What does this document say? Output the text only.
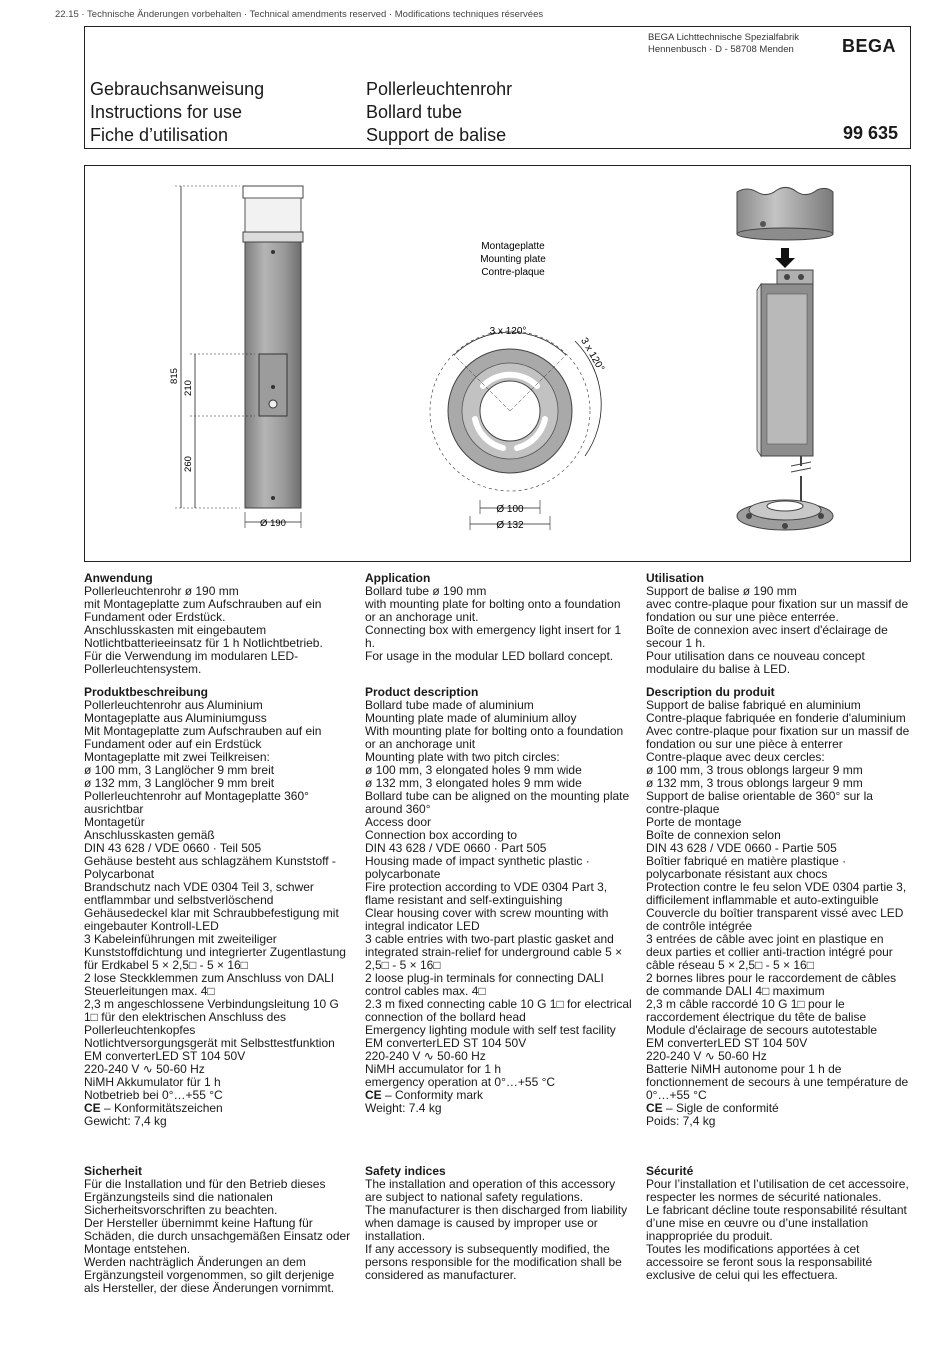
22.15 · Technische Änderungen vorbehalten · Technical amendments reserved · Modifications techniques réservées
BEGA Lichttechnische Spezialfabrik
Hennenbusch · D - 58708 Menden	BEGA
Gebrauchsanweisung
Instructions for use
Fiche d’utilisation
Pollerleuchtenrohr
Bollard tube
Support de balise	99 635
815
210
260
Ø 190
Montageplatte
Mounting plate
Contre-plaque
3 x 120°
3 x 120°
Ø 100
Ø 132
Anwendung
Pollerleuchtenrohr ø 190 mm
mit Montageplatte zum Aufschrauben auf ein Fundament oder Erdstück.
Anschlusskasten mit eingebautem Notlichtbatterieeinsatz für 1 h Notlichtbetrieb.
Für die Verwendung im modularen LED-Pollerleuchtensystem.
Produktbeschreibung
Pollerleuchtenrohr aus Aluminium
Montageplatte aus Aluminiumguss
Mit Montageplatte zum Aufschrauben auf ein Fundament oder auf ein Erdstück
Montageplatte mit zwei Teilkreisen:
ø 100 mm, 3 Langlöcher 9 mm breit
ø 132 mm, 3 Langlöcher 9 mm breit
Pollerleuchtenrohr auf Montageplatte 360° ausrichtbar
Montagetür
Anschlusskasten gemäß
DIN 43 628 / VDE 0660 · Teil 505
Gehäuse besteht aus schlagzähem Kunststoff - Polycarbonat
Brandschutz nach VDE 0304 Teil 3, schwer entflammbar und selbstverlöschend
Gehäusedeckel klar mit Schraubbefestigung mit eingebauter Kontroll-LED
3 Kabeleinführungen mit zweiteiliger Kunststoffdichtung und integrierter Zugentlastung für Erdkabel 5 × 2,5□ - 5 × 16□
2 lose Steckklemmen zum Anschluss von DALI Steuerleitungen max. 4□
2,3 m angeschlossene Verbindungsleitung 10 G 1□ für den elektrischen Anschluss des Pollerleuchtenkopfes
Notlichtversorgungsgerät mit Selbsttestfunktion
EM converterLED ST 104 50V
220-240 V ∿ 50-60 Hz
NiMH Akkumulator für 1 h
Notbetrieb bei 0°…+55 °C
CE – Konformitätszeichen
Gewicht: 7,4 kg
Sicherheit
Für die Installation und für den Betrieb dieses Ergänzungsteils sind die nationalen Sicherheitsvorschriften zu beachten.
Der Hersteller übernimmt keine Haftung für Schäden, die durch unsachgemäßen Einsatz oder Montage entstehen.
Werden nachträglich Änderungen an dem Ergänzungsteil vorgenommen, so gilt derjenige als Hersteller, der diese Änderungen vornimmt.
Application
Bollard tube ø 190 mm
with mounting plate for bolting onto a foundation or an anchorage unit.
Connecting box with emergency light insert for 1 h.
For usage in the modular LED bollard concept.
Product description
Bollard tube made of aluminium
Mounting plate made of aluminium alloy
With mounting plate for bolting onto a foundation or an anchorage unit
Mounting plate with two pitch circles:
ø 100 mm, 3 elongated holes 9 mm wide
ø 132 mm, 3 elongated holes 9 mm wide
Bollard tube can be aligned on the mounting plate around 360°
Access door
Connection box according to
DIN 43 628 / VDE 0660 · Part 505
Housing made of impact synthetic plastic · polycarbonate
Fire protection according to VDE 0304 Part 3, flame resistant and self-extinguishing
Clear housing cover with screw mounting with integral indicator LED
3 cable entries with two-part plastic gasket and integrated strain-relief for underground cable 5 × 2,5□ - 5 × 16□
2 loose plug-in terminals for connecting DALI control cables max. 4□
2.3 m fixed connecting cable 10 G 1□ for electrical connection of the bollard head
Emergency lighting module with self test facility
EM converterLED ST 104 50V
220-240 V ∿ 50-60 Hz
NiMH accumulator for 1 h
emergency operation at 0°…+55 °C
CE – Conformity mark
Weight: 7.4 kg
Safety indices
The installation and operation of this accessory are subject to national safety regulations.
The manufacturer is then discharged from liability when damage is caused by improper use or installation.
If any accessory is subsequently modified, the persons responsible for the modification shall be considered as manufacturer.
Utilisation
Support de balise ø 190 mm
avec contre-plaque pour fixation sur un massif de fondation ou sur une pièce enterrée.
Boîte de connexion avec insert d'éclairage de secour 1 h.
Pour utilisation dans ce nouveau concept modulaire du balise à LED.
Description du produit
Support de balise fabriqué en aluminium
Contre-plaque fabriquée en fonderie d'aluminium
Avec contre-plaque pour fixation sur un massif de fondation ou sur une pièce à enterrer
Contre-plaque avec deux cercles:
ø 100 mm, 3 trous oblongs largeur 9 mm
ø 132 mm, 3 trous oblongs largeur 9 mm
Support de balise orientable de 360° sur la contre-plaque
Porte de montage
Boîte de connexion selon
DIN 43 628 / VDE 0660 - Partie 505
Boîtier fabriqué en matière plastique · polycarbonate résistant aux chocs
Protection contre le feu selon VDE 0304 partie 3, difficilement inflammable et auto-extinguible
Couvercle du boîtier transparent vissé avec LED de contrôle intégrée
3 entrées de câble avec joint en plastique en deux parties et collier anti-traction intégré pour câble réseau 5 × 2,5□ - 5 × 16□
2 bornes libres pour le raccordement de câbles de commande DALI 4□ maximum
2,3 m câble raccordé 10 G 1□ pour le raccordement électrique du tête de balise
Module d'éclairage de secours autotestable
EM converterLED ST 104 50V
220-240 V ∿ 50-60 Hz
Batterie NiMH autonome pour 1 h de fonctionnement de secours à une température de 0°…+55 °C
CE – Sigle de conformité
Poids: 7,4 kg
Sécurité
Pour l’installation et l’utilisation de cet accessoire, respecter les normes de sécurité nationales.
Le fabricant décline toute responsabilité résultant d’une mise en œuvre ou d’une installation inappropriée du produit.
Toutes les modifications apportées à cet accessoire se feront sous la responsabilité exclusive de celui qui les effectuera.
